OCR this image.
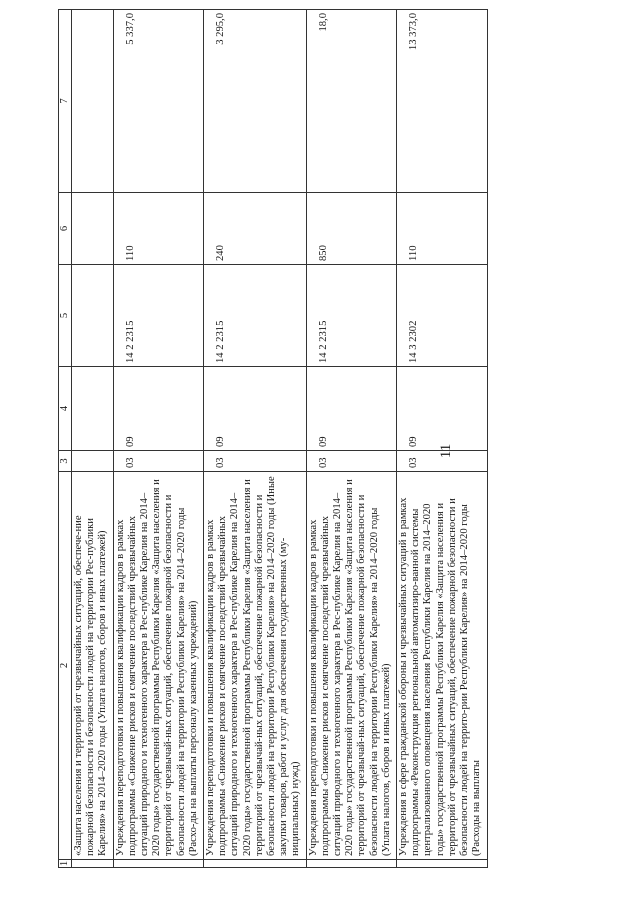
11
1	2	3	4	5	6	7
	«Защита населения и территорий от чрезвычайных ситуаций, обеспече-ние пожарной безопасности и безопасности людей на территории Рес-публики Карелия» на 2014–2020 годы (Уплата налогов, сборов и иных платежей)					
	Учреждения переподготовки и повышения квалификации кадров в рамках подпрограммы «Снижение рисков и смягчение последствий чрезвычайных ситуаций природного и техногенного характера в Рес-публике Карелия на 2014–2020 годы» государственной программы Республики Карелия «Защита населения и территорий от чрезвычай-ных ситуаций, обеспечение пожарной безопасности и безопасности людей на территории Республики Карелия» на 2014–2020 годы (Расхо-ды на выплаты персоналу казенных учреждений)	03	09	14 2 2315	110	5 337,0
	Учреждения переподготовки и повышения квалификации кадров в рамках подпрограммы «Снижение рисков и смягчение последствий чрезвычайных ситуаций природного и техногенного характера в Рес-публике Карелия на 2014–2020 годы» государственной программы Республики Карелия «Защита населения и территорий от чрезвычай-ных ситуаций, обеспечение пожарной безопасности и безопасности людей на территории Республики Карелия» на 2014–2020 годы (Иные закупки товаров, работ и услуг для обеспечения государственных (му-ниципальных) нужд)	03	09	14 2 2315	240	3 295,0
	Учреждения переподготовки и повышения квалификации кадров в рамках подпрограммы «Снижение рисков и смягчение последствий чрезвычайных ситуаций природного и техногенного характера в Рес-публике Карелия на 2014–2020 годы» государственной программы Республики Карелия «Защита населения и территорий от чрезвычай-ных ситуаций, обеспечение пожарной безопасности и безопасности людей на территории Республики Карелия» на 2014–2020 годы (Уплата налогов, сборов и иных платежей)	03	09	14 2 2315	850	18,0
	Учреждения в сфере гражданской обороны и чрезвычайных ситуаций в рамках подпрограммы «Реконструкция региональной автоматизиро-ванной системы централизованного оповещения населения Республики Карелия на 2014–2020 годы» государственной программы Республики Карелия «Защита населения и территорий от чрезвычайных ситуаций, обеспечение пожарной безопасности и безопасности людей на террито-рии Республики Карелия» на 2014–2020 годы (Расходы на выплаты	03	09	14 3 2302	110	13 373,0
